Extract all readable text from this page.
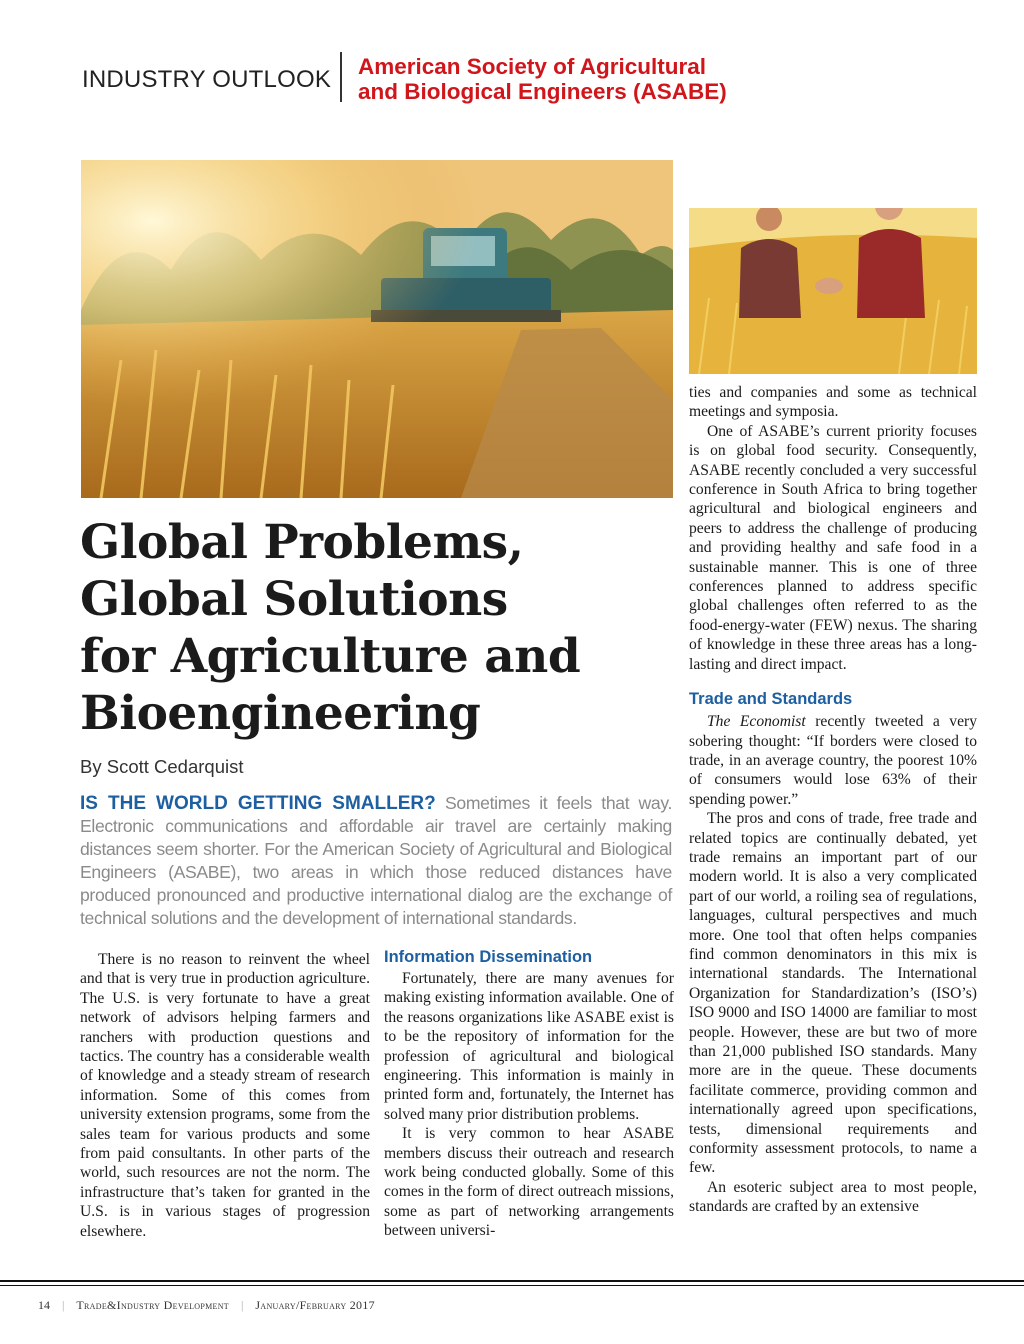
INDUSTRY OUTLOOK American Society of Agricultural
and Biological Engineers (ASABE)
Global Problems,
Global Solutions
for Agriculture and
Bioengineering
By Scott Cedarquist
IS THE WORLD GETTING SMALLER? Sometimes it feels that way. Electronic communications and affordable air travel are certainly making distances seem shorter. For the American Society of Agricultural and Biological Engineers (ASABE), two areas in which those reduced distances have produced pronounced and productive international dialog are the exchange of technical solutions and the development of international standards.

There is no reason to reinvent the wheel and that is very true in production agriculture. The U.S. is very fortunate to have a great network of advisors helping farmers and ranchers with production questions and tactics. The country has a considerable wealth of knowledge and a steady stream of research information. Some of this comes from university extension programs, some from the sales team for various products and some from paid consultants. In other parts of the world, such resources are not the norm. The infrastructure that’s taken for granted in the U.S. is in various stages of progression elsewhere.

Information Dissemination

Fortunately, there are many avenues for making existing information available. One of the reasons organizations like ASABE exist is to be the repository of information for the profession of agricultural and biological engineering. This information is mainly in printed form and, fortunately, the Internet has solved many prior distribution problems.

It is very common to hear ASABE members discuss their outreach and research work being conducted globally. Some of this comes in the form of direct outreach missions, some as part of networking arrangements between universi-

ties and companies and some as technical meetings and symposia.

One of ASABE’s current priority focuses is on global food security. Consequently, ASABE recently concluded a very successful conference in South Africa to bring together agricultural and biological engineers and peers to address the challenge of producing and providing healthy and safe food in a sustainable manner. This is one of three conferences planned to address specific global challenges often referred to as the food-energy-water (FEW) nexus. The sharing of knowledge in these three areas has a long-lasting and direct impact.

Trade and Standards

The Economist recently tweeted a very sobering thought: “If borders were closed to trade, in an average country, the poorest 10% of consumers would lose 63% of their spending power.”

The pros and cons of trade, free trade and related topics are continually debated, yet trade remains an important part of our modern world. It is also a very complicated part of our world, a roiling sea of regulations, languages, cultural perspectives and much more. One tool that often helps companies find common denominators in this mix is international standards. The International Organization for Standardization’s (ISO’s) ISO 9000 and ISO 14000 are familiar to most people. However, these are but two of more than 21,000 published ISO standards. Many more are in the queue. These documents facilitate commerce, providing common and internationally agreed upon specifications, tests, dimensional requirements and conformity assessment protocols, to name a few.

An esoteric subject area to most people, standards are crafted by an extensive

14 | Trade&Industry Development | January/February 2017
